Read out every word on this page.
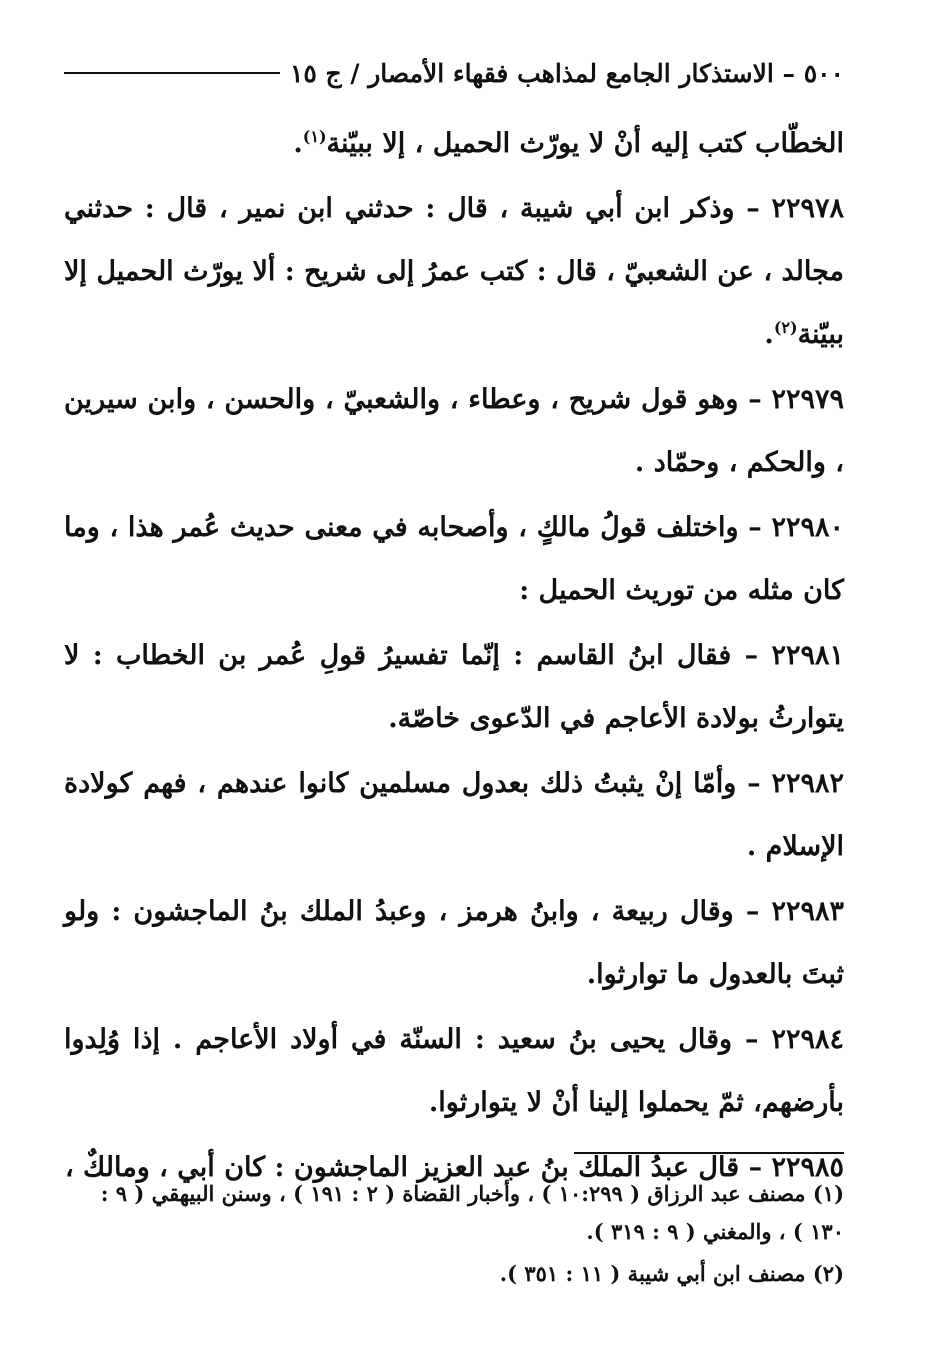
٥٠٠ – الاستذكار الجامع لمذاهب فقهاء الأمصار / ج ١٥

الخطّاب كتب إليه أنْ لا يورّث الحميل ، إلا ببيّنة$^{(١)}$.

٢٢٩٧٨ – وذكر ابن أبي شيبة ، قال : حدثني ابن نمير ، قال : حدثني مجالد ، عن الشعبيّ ، قال : كتب عمرُ إلى شريح : ألا يورّث الحميل إلا ببيّنة$^{(٢)}$.

٢٢٩٧٩ – وهو قول شريح ، وعطاء ، والشعبيّ ، والحسن ، وابن سيرين ، والحكم ، وحمّاد .

٢٢٩٨٠ – واختلف قولُ مالكٍ ، وأصحابه في معنى حديث عُمر هذا ، وما كان مثله من توريث الحميل :

٢٢٩٨١ – فقال ابنُ القاسم : إنّما تفسيرُ قولِ عُمر بن الخطاب : لا يتوارثُ بولادة الأعاجم في الدّعوى خاصّة.

٢٢٩٨٢ – وأمّا إنْ يثبتُ ذلك بعدول مسلمين كانوا عندهم ، فهم كولادة الإسلام .

٢٢٩٨٣ – وقال ربيعة ، وابنُ هرمز ، وعبدُ الملك بنُ الماجشون : ولو ثبتَ بالعدول ما توارثوا.

٢٢٩٨٤ – وقال يحيى بنُ سعيد : السنّة في أولاد الأعاجم . إذا وُلِدوا بأرضهم، ثمّ يحملوا إلينا أنْ لا يتوارثوا.

٢٢٩٨٥ – قال عبدُ الملك بنُ عبد العزيز الماجشون : كان أبي ، ومالكٌ ،

(١) مصنف عبد الرزاق ( ١٠:٢٩٩ ) ، وأخبار القضاة ( ٢ : ١٩١ ) ، وسنن البيهقي ( ٩ : ١٣٠ ) ، والمغني ( ٩ : ٣١٩ ).

(٢) مصنف ابن أبي شيبة ( ١١ : ٣٥١ ).
